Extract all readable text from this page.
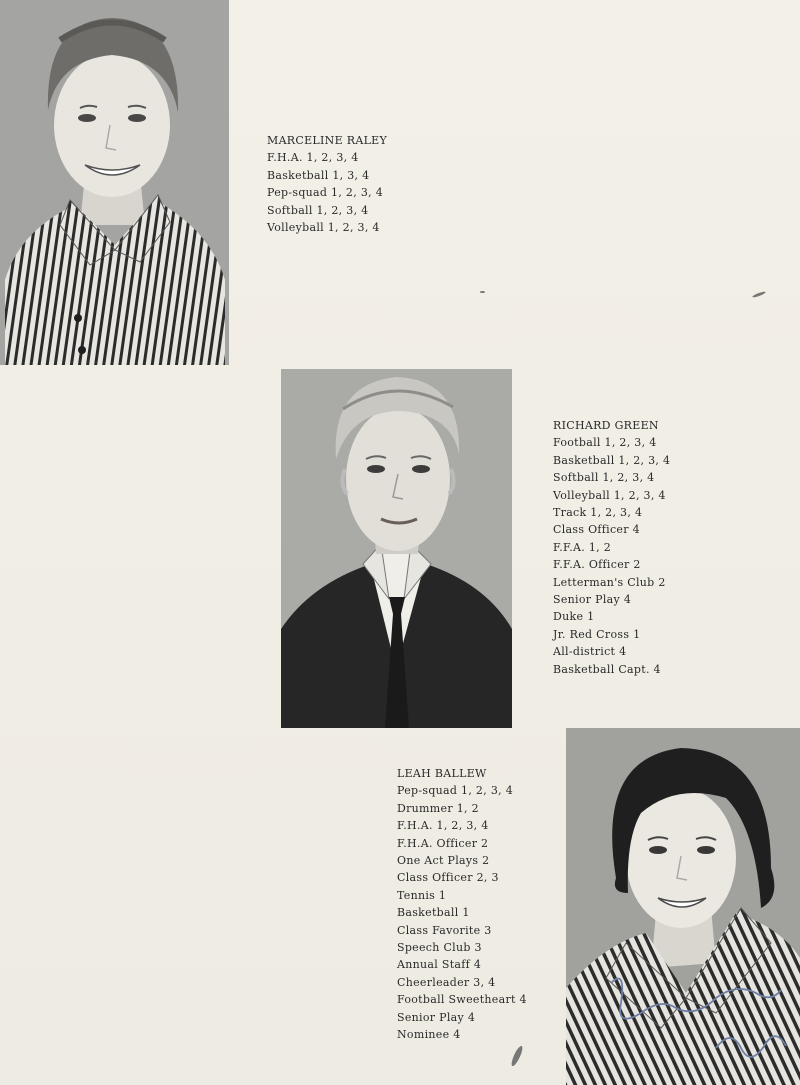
MARCELINE RALEY
F.H.A. 1, 2, 3, 4
Basketball 1, 3, 4
Pep-squad 1, 2, 3, 4
Softball 1, 2, 3, 4
Volleyball 1, 2, 3, 4
RICHARD GREEN
Football 1, 2, 3, 4
Basketball 1, 2, 3, 4
Softball 1, 2, 3, 4
Volleyball 1, 2, 3, 4
Track 1, 2, 3, 4
Class Officer 4
F.F.A. 1, 2
F.F.A. Officer 2
Letterman's Club 2
Senior Play 4
Duke 1
Jr. Red Cross 1
All-district 4
Basketball Capt. 4
LEAH BALLEW
Pep-squad 1, 2, 3, 4
Drummer 1, 2
F.H.A. 1, 2, 3, 4
F.H.A. Officer 2
One Act Plays 2
Class Officer 2, 3
Tennis 1
Basketball 1
Class Favorite 3
Speech Club 3
Annual Staff 4
Cheerleader 3, 4
Football Sweetheart 4
Senior Play 4
Nominee 4
